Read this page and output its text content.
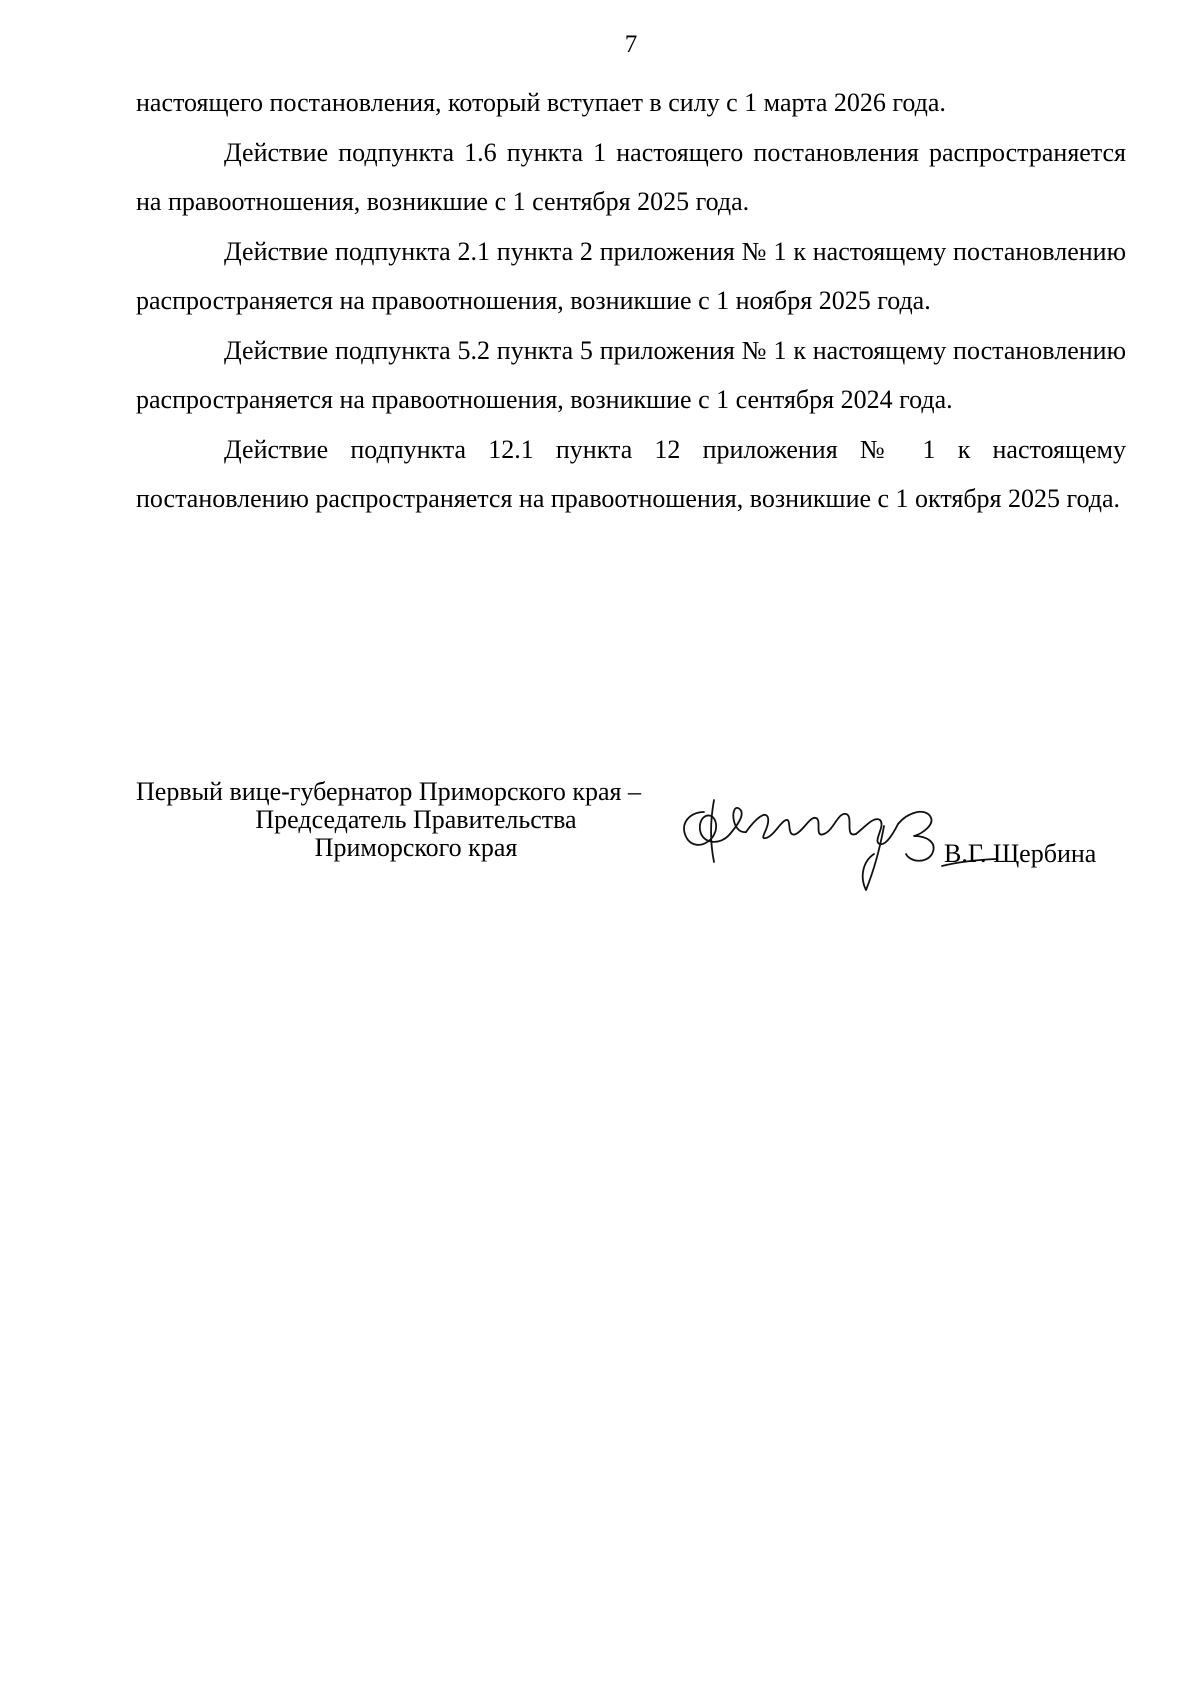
7

настоящего постановления, который вступает в силу с 1 марта 2026 года.

Действие подпункта 1.6 пункта 1 настоящего постановления распространяется на правоотношения, возникшие с 1 сентября 2025 года.

Действие подпункта 2.1 пункта 2 приложения № 1 к настоящему постановлению распространяется на правоотношения, возникшие с 1 ноября 2025 года.

Действие подпункта 5.2 пункта 5 приложения № 1 к настоящему постановлению распространяется на правоотношения, возникшие с 1 сентября 2024 года.

Действие подпункта 12.1 пункта 12 приложения № 1 к настоящему постановлению распространяется на правоотношения, возникшие с 1 октября 2025 года.

Первый вице-губернатор Приморского края –
Председатель Правительства
Приморского края	В.Г. Щербина
